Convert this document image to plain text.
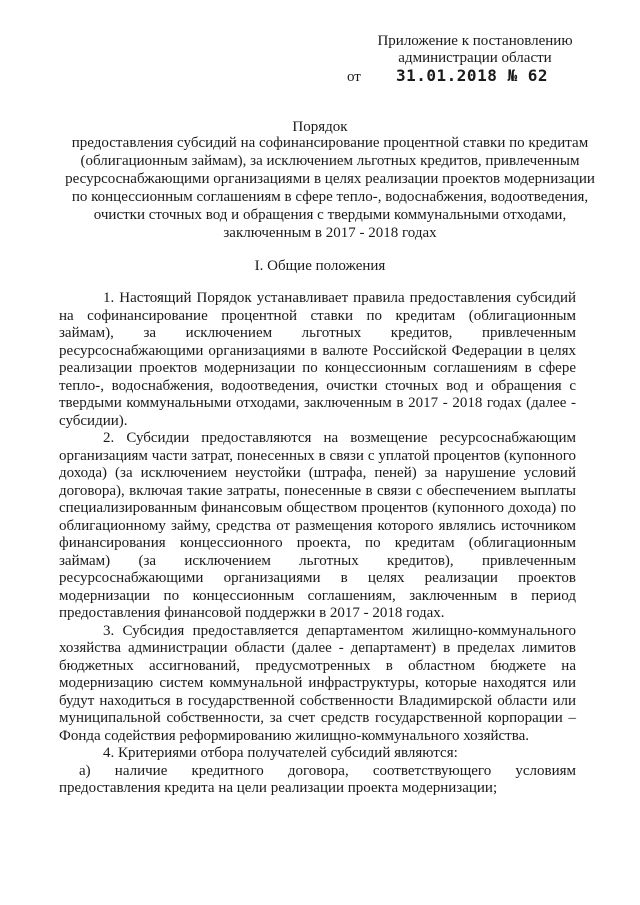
Приложение к постановлению
администрации области
от 31.01.2018 № 62
Порядок
предоставления субсидий на софинансирование процентной ставки по кредитам (облигационным займам), за исключением льготных кредитов, привлеченным ресурсоснабжающими организациями в целях реализации проектов модернизации по концессионным соглашениям в сфере тепло-, водоснабжения, водоотведения, очистки сточных вод и обращения с твердыми коммунальными отходами, заключенным в 2017 - 2018 годах
I. Общие положения

1. Настоящий Порядок устанавливает правила предоставления субсидий на софинансирование процентной ставки по кредитам (облигационным займам), за исключением льготных кредитов, привлеченным ресурсоснабжающими организациями в валюте Российской Федерации в целях реализации проектов модернизации по концессионным соглашениям в сфере тепло-, водоснабжения, водоотведения, очистки сточных вод и обращения с твердыми коммунальными отходами, заключенным в 2017 - 2018 годах (далее - субсидии).

2. Субсидии предоставляются на возмещение ресурсоснабжающим организациям части затрат, понесенных в связи с уплатой процентов (купонного дохода) (за исключением неустойки (штрафа, пеней) за нарушение условий договора), включая такие затраты, понесенные в связи с обеспечением выплаты специализированным финансовым обществом процентов (купонного дохода) по облигационному займу, средства от размещения которого являлись источником финансирования концессионного проекта, по кредитам (облигационным займам) (за исключением льготных кредитов), привлеченным ресурсоснабжающими организациями в целях реализации проектов модернизации по концессионным соглашениям, заключенным в период предоставления финансовой поддержки в 2017 - 2018 годах.

3. Субсидия предоставляется департаментом жилищно-коммунального хозяйства администрации области (далее - департамент) в пределах лимитов бюджетных ассигнований, предусмотренных в областном бюджете на модернизацию систем коммунальной инфраструктуры, которые находятся или будут находиться в государственной собственности Владимирской области или муниципальной собственности, за счет средств государственной корпорации – Фонда содействия реформированию жилищно-коммунального хозяйства.

4. Критериями отбора получателей субсидий являются:

а) наличие кредитного договора, соответствующего условиям предоставления кредита на цели реализации проекта модернизации;
